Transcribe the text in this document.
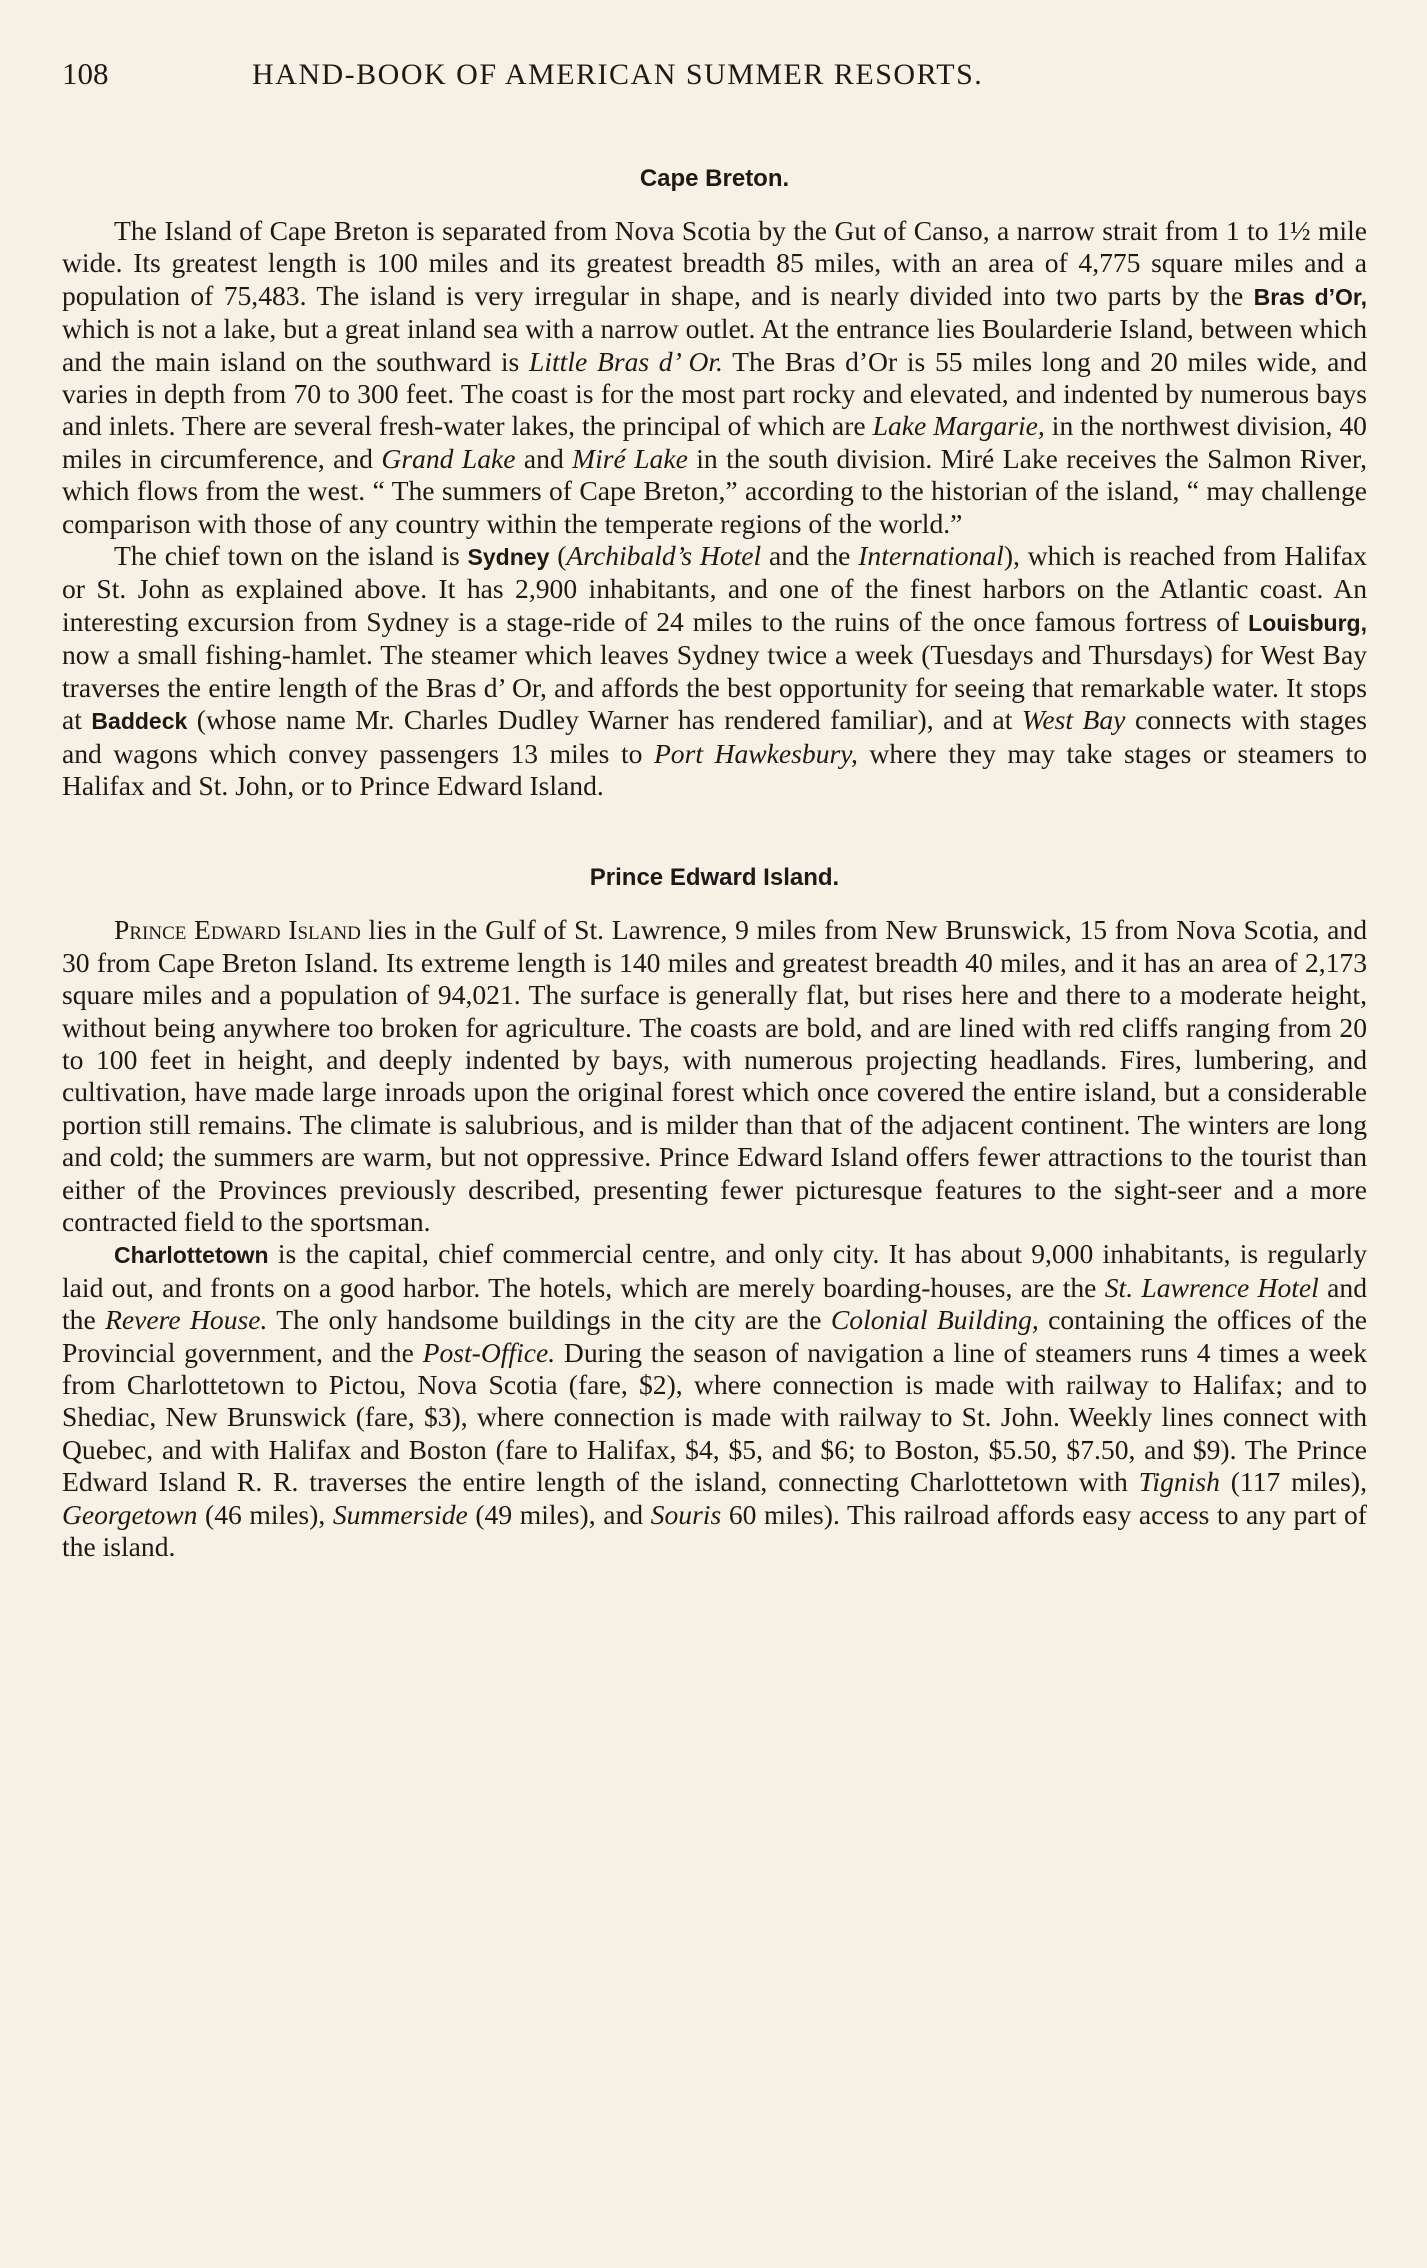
108	HAND-BOOK OF AMERICAN SUMMER RESORTS.
Cape Breton.

The Island of Cape Breton is separated from Nova Scotia by the Gut of Canso, a narrow strait from 1 to 1½ mile wide. Its greatest length is 100 miles and its greatest breadth 85 miles, with an area of 4,775 square miles and a population of 75,483. The island is very irregular in shape, and is nearly divided into two parts by the Bras d’Or, which is not a lake, but a great inland sea with a narrow outlet. At the entrance lies Boularderie Island, between which and the main island on the southward is Little Bras d’ Or. The Bras d’Or is 55 miles long and 20 miles wide, and varies in depth from 70 to 300 feet. The coast is for the most part rocky and elevated, and indented by numerous bays and inlets. There are several fresh-water lakes, the principal of which are Lake Margarie, in the northwest division, 40 miles in circumference, and Grand Lake and Miré Lake in the south division. Miré Lake receives the Salmon River, which flows from the west. “ The summers of Cape Breton,” according to the historian of the island, “ may challenge comparison with those of any country within the temperate regions of the world.”

The chief town on the island is Sydney (Archibald’s Hotel and the International), which is reached from Halifax or St. John as explained above. It has 2,900 inhabitants, and one of the finest harbors on the Atlantic coast. An interesting excursion from Sydney is a stage-ride of 24 miles to the ruins of the once famous fortress of Louisburg, now a small fishing-hamlet. The steamer which leaves Sydney twice a week (Tuesdays and Thursdays) for West Bay traverses the entire length of the Bras d’ Or, and affords the best opportunity for seeing that remarkable water. It stops at Baddeck (whose name Mr. Charles Dudley Warner has rendered familiar), and at West Bay connects with stages and wagons which convey passengers 13 miles to Port Hawkesbury, where they may take stages or steamers to Halifax and St. John, or to Prince Edward Island.

Prince Edward Island.

Prince Edward Island lies in the Gulf of St. Lawrence, 9 miles from New Brunswick, 15 from Nova Scotia, and 30 from Cape Breton Island. Its extreme length is 140 miles and greatest breadth 40 miles, and it has an area of 2,173 square miles and a population of 94,021. The surface is generally flat, but rises here and there to a moderate height, without being anywhere too broken for agriculture. The coasts are bold, and are lined with red cliffs ranging from 20 to 100 feet in height, and deeply indented by bays, with numerous projecting headlands. Fires, lumbering, and cultivation, have made large inroads upon the original forest which once covered the entire island, but a considerable portion still remains. The climate is salubrious, and is milder than that of the adjacent continent. The winters are long and cold; the summers are warm, but not oppressive. Prince Edward Island offers fewer attractions to the tourist than either of the Provinces previously described, presenting fewer picturesque features to the sight-seer and a more contracted field to the sportsman.

Charlottetown is the capital, chief commercial centre, and only city. It has about 9,000 inhabitants, is regularly laid out, and fronts on a good harbor. The hotels, which are merely boarding-houses, are the St. Lawrence Hotel and the Revere House. The only handsome buildings in the city are the Colonial Building, containing the offices of the Provincial government, and the Post-Office. During the season of navigation a line of steamers runs 4 times a week from Charlottetown to Pictou, Nova Scotia (fare, $2), where connection is made with railway to Halifax; and to Shediac, New Brunswick (fare, $3), where connection is made with railway to St. John. Weekly lines connect with Quebec, and with Halifax and Boston (fare to Halifax, $4, $5, and $6; to Boston, $5.50, $7.50, and $9). The Prince Edward Island R. R. traverses the entire length of the island, connecting Charlottetown with Tignish (117 miles), Georgetown (46 miles), Summerside (49 miles), and Souris 60 miles). This railroad affords easy access to any part of the island.
